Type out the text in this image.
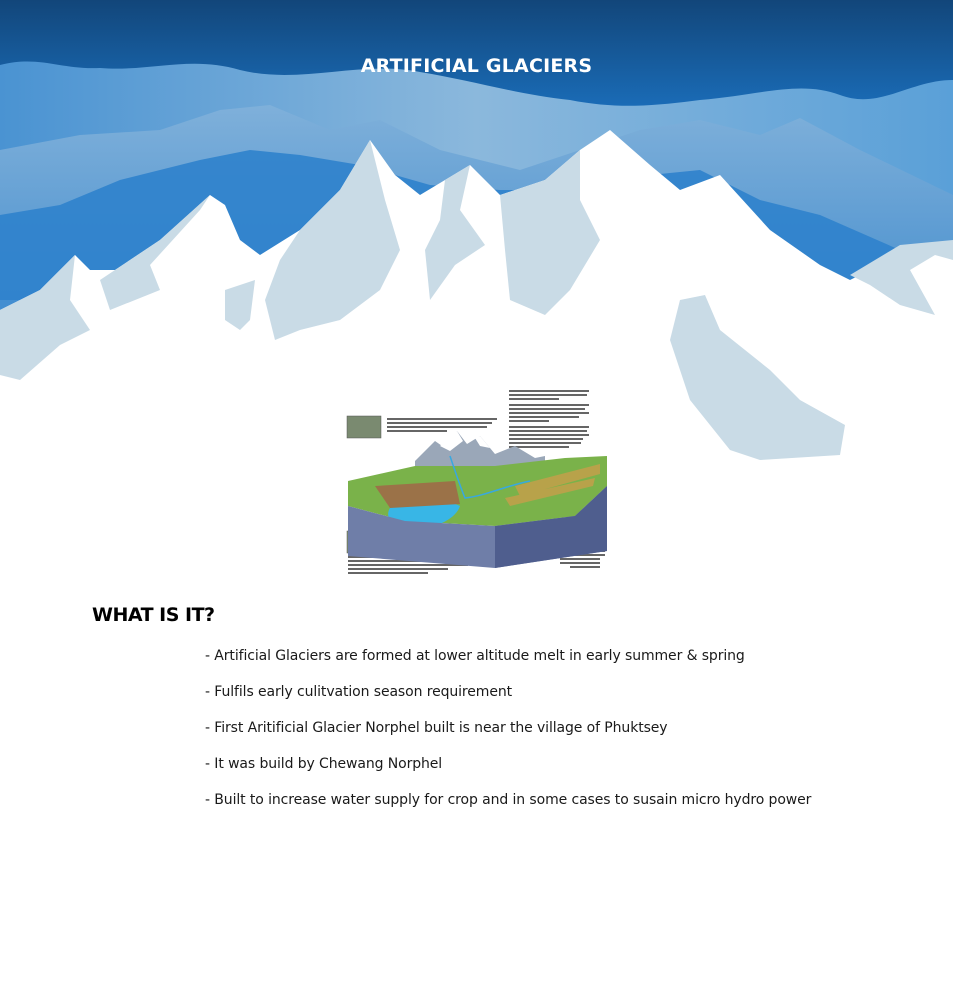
ARTIFICIAL GLACIERS
WHAT IS IT?
- Artificial Glaciers are formed at lower altitude melt in early summer & spring
- Fulfils early culitvation season requirement
- First Aritificial Glacier Norphel built is near the village of Phuktsey
- It was build by Chewang Norphel
- Built to increase water supply for crop and in some cases to susain micro hydro power
